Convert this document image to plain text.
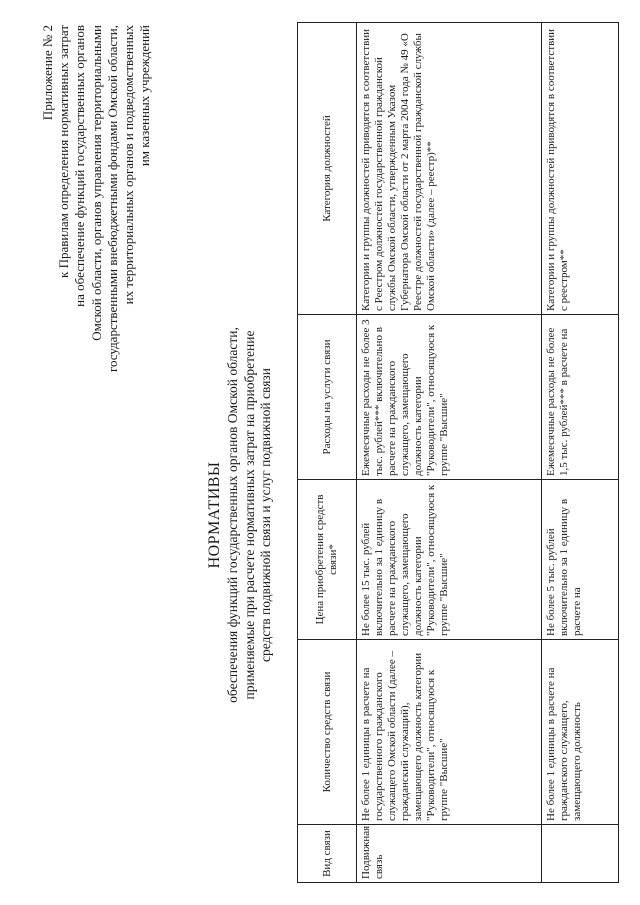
Приложение № 2 к Правилам определения нормативных затрат на обеспечение функций государственных органов Омской области, органов управления территориальными государственными внебюджетными фондами Омской области, их территориальных органов и подведомственных им казенных учреждений
НОРМАТИВЫ обеспечения функций государственных органов Омской области, применяемые при расчете нормативных затрат на приобретение средств подвижной связи и услуг подвижной связи
Вид связи	Количество средств связи	Цена приобретения средств связи*	Расходы на услуги связи	Категория должностей
Подвижная связь	Не более 1 единицы в расчете на государственного гражданского служащего Омской области (далее – гражданский служащий), замещающего должность категории "Руководители", относящуюся к группе "Высшие"	Не более 15 тыс. рублей включительно за 1 единицу в расчете на гражданского служащего, замещающего должность категории "Руководители", относящуюся к группе "Высшие"	Ежемесячные расходы не более 3 тыс. рублей*** включительно в расчете на гражданского служащего, замещающего должность категории "Руководители", относящуюся к группе "Высшие"	Категории и группы должностей приводятся в соответствии с Реестром должностей государственной гражданской службы Омской области, утвержденным Указом Губернатора Омской области от 2 марта 2004 года № 49 «О Реестре должностей государственной гражданской службы Омской области» (далее – реестр)**
	Не более 1 единицы в расчете на гражданского служащего, замещающего должность	Не более 5 тыс. рублей включительно за 1 единицу в расчете на	Ежемесячные расходы не более 1,5 тыс. рублей*** в расчете на	Категории и группы должностей приводятся в соответствии с реестром**
